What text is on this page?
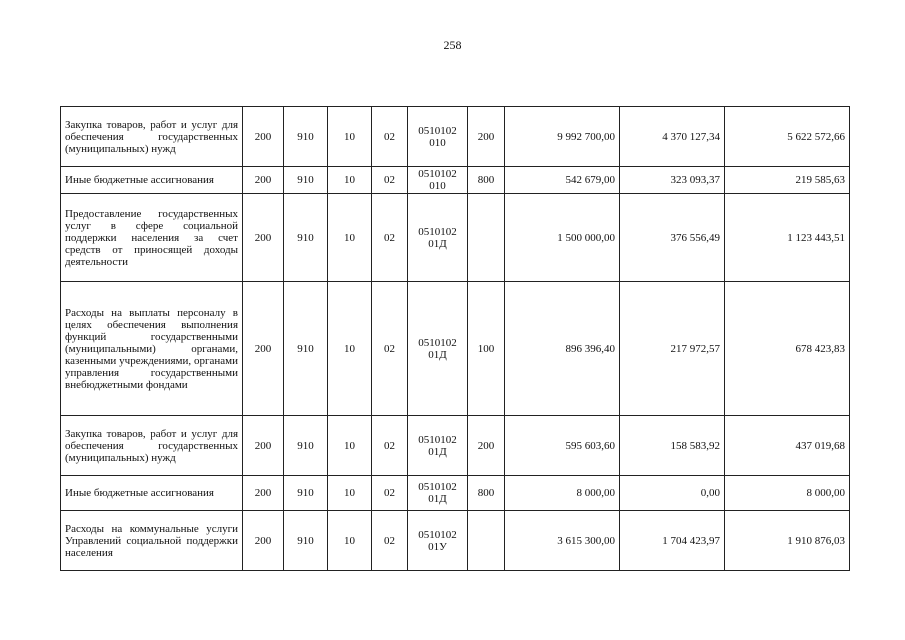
258
Закупка товаров, работ и услуг для обеспечения государственных (муниципальных) нужд	200	910	10	02	0510102 010	200	9 992 700,00	4 370 127,34	5 622 572,66
Иные бюджетные ассигнования	200	910	10	02	0510102 010	800	542 679,00	323 093,37	219 585,63
Предоставление государственных услуг в сфере социальной поддержки населения за счет средств от приносящей доходы деятельности	200	910	10	02	0510102 01Д		1 500 000,00	376 556,49	1 123 443,51
Расходы на выплаты персоналу в целях обеспечения выполнения функций государственными (муниципальными) органами, казенными учреждениями, органами управления государственными внебюджетными фондами	200	910	10	02	0510102 01Д	100	896 396,40	217 972,57	678 423,83
Закупка товаров, работ и услуг для обеспечения государственных (муниципальных) нужд	200	910	10	02	0510102 01Д	200	595 603,60	158 583,92	437 019,68
Иные бюджетные ассигнования	200	910	10	02	0510102 01Д	800	8 000,00	0,00	8 000,00
Расходы на коммунальные услуги Управлений социальной поддержки населения	200	910	10	02	0510102 01У		3 615 300,00	1 704 423,97	1 910 876,03
